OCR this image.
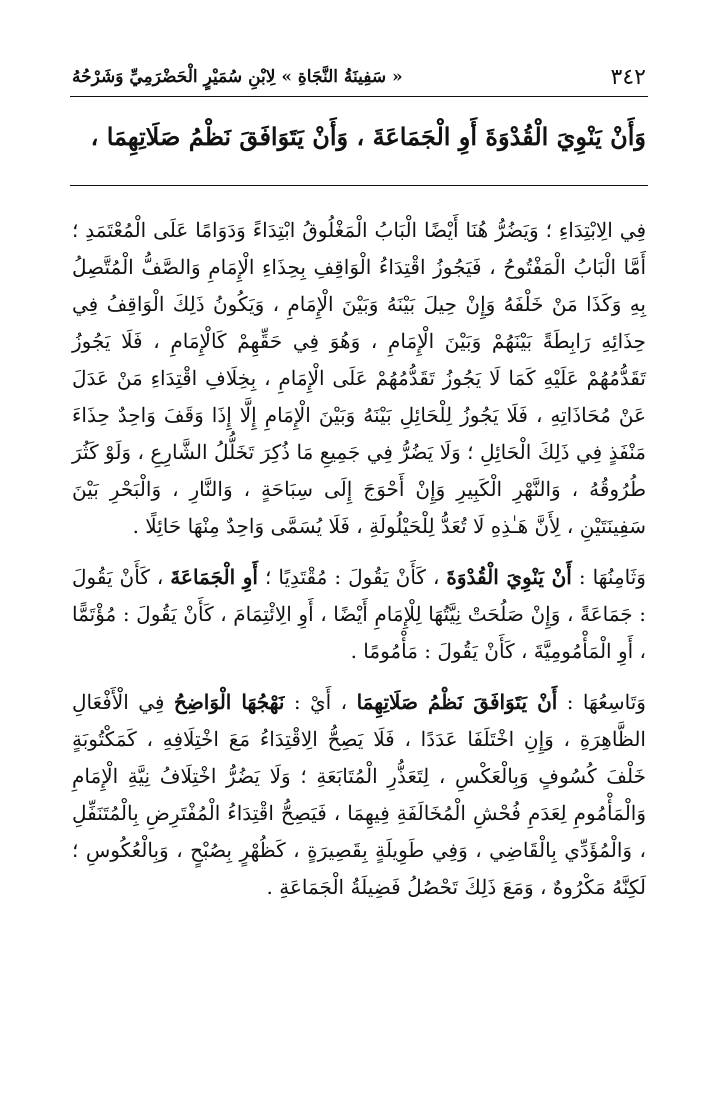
٣٤٢
« سَفِينَةُ النَّجَاةِ » لِابْنِ سُمَيْرٍ الْحَضْرَمِيِّ وَشَرْحُهُ
وَأَنْ يَنْوِيَ الْقُدْوَةَ أَوِ الْجَمَاعَةَ ، وَأَنْ يَتَوَافَقَ نَظْمُ صَلَاتِهِمَا ،

فِي الِابْتِدَاءِ ؛ وَيَضُرُّ هُنَا أَيْضًا الْبَابُ الْمَغْلُوقُ ابْتِدَاءً وَدَوَامًا عَلَى الْمُعْتَمَدِ ؛ أَمَّا الْبَابُ الْمَفْتُوحُ ، فَيَجُوزُ اقْتِدَاءُ الْوَاقِفِ بِحِذَاءِ الْإِمَامِ وَالصَّفُّ الْمُتَّصِلُ بِهِ وَكَذَا مَنْ خَلْفَهُ وَإِنْ حِيلَ بَيْنَهُ وَبَيْنَ الْإِمَامِ ، وَيَكُونُ ذَلِكَ الْوَاقِفُ فِي حِذَائِهِ رَابِطَةً بَيْنَهُمْ وَبَيْنَ الْإِمَامِ ، وَهُوَ فِي حَقِّهِمْ كَالْإِمَامِ ، فَلَا يَجُوزُ تَقَدُّمُهُمْ عَلَيْهِ كَمَا لَا يَجُوزُ تَقَدُّمُهُمْ عَلَى الْإِمَامِ ، بِخِلَافِ اقْتِدَاءِ مَنْ عَدَلَ عَنْ مُحَاذَاتِهِ ، فَلَا يَجُوزُ لِلْحَائِلِ بَيْنَهُ وَبَيْنَ الْإِمَامِ إِلَّا إِذَا وَقَفَ وَاحِدٌ حِذَاءَ مَنْفَذٍ فِي ذَلِكَ الْحَائِلِ ؛ وَلَا يَضُرُّ فِي جَمِيعِ مَا ذُكِرَ تَخَلُّلُ الشَّارِعِ ، وَلَوْ كَثُرَ طُرُوقُهُ ، وَالنَّهْرِ الْكَبِيرِ وَإِنْ أَحْوَجَ إِلَى سِبَاحَةٍ ، وَالنَّارِ ، وَالْبَحْرِ بَيْنَ سَفِينَتَيْنِ ، لِأَنَّ هَـٰذِهِ لَا تُعَدُّ لِلْحَيْلُولَةِ ، فَلَا يُسَمَّى وَاحِدٌ مِنْهَا حَائِلًا .

وَثَامِنُهَا : أَنْ يَنْوِيَ الْقُدْوَةَ ، كَأَنْ يَقُولَ : مُقْتَدِيًا ؛ أَوِ الْجَمَاعَةَ ، كَأَنْ يَقُولَ : جَمَاعَةً ، وَإِنْ صَلُحَتْ نِيَّتُهَا لِلْإِمَامِ أَيْضًا ، أَوِ الِائْتِمَامَ ، كَأَنْ يَقُولَ : مُؤْتَمًّا ، أَوِ الْمَأْمُومِيَّةَ ، كَأَنْ يَقُولَ : مَأْمُومًا .

وَتَاسِعُهَا : أَنْ يَتَوَافَقَ نَظْمُ صَلَاتِهِمَا ، أَيْ : نَهْجُهَا الْوَاضِحُ فِي الْأَفْعَالِ الظَّاهِرَةِ ، وَإِنِ اخْتَلَفَا عَدَدًا ، فَلَا يَصِحُّ الِاقْتِدَاءُ مَعَ اخْتِلَافِهِ ، كَمَكْتُوبَةٍ خَلْفَ كُسُوفٍ وَبِالْعَكْسِ ، لِتَعَذُّرِ الْمُتَابَعَةِ ؛ وَلَا يَضُرُّ اخْتِلَافُ نِيَّةِ الْإِمَامِ وَالْمَأْمُومِ لِعَدَمِ فُحْشِ الْمُخَالَفَةِ فِيهِمَا ، فَيَصِحُّ اقْتِدَاءُ الْمُفْتَرِضِ بِالْمُتَنَفِّلِ ، وَالْمُؤَدِّي بِالْقَاضِي ، وَفِي طَوِيلَةٍ بِقَصِيرَةٍ ، كَظُهْرٍ بِصُبْحٍ ، وَبِالْعُكُوسِ ؛ لَكِنَّهُ مَكْرُوهٌ ، وَمَعَ ذَلِكَ تَحْصُلُ فَضِيلَةُ الْجَمَاعَةِ .
